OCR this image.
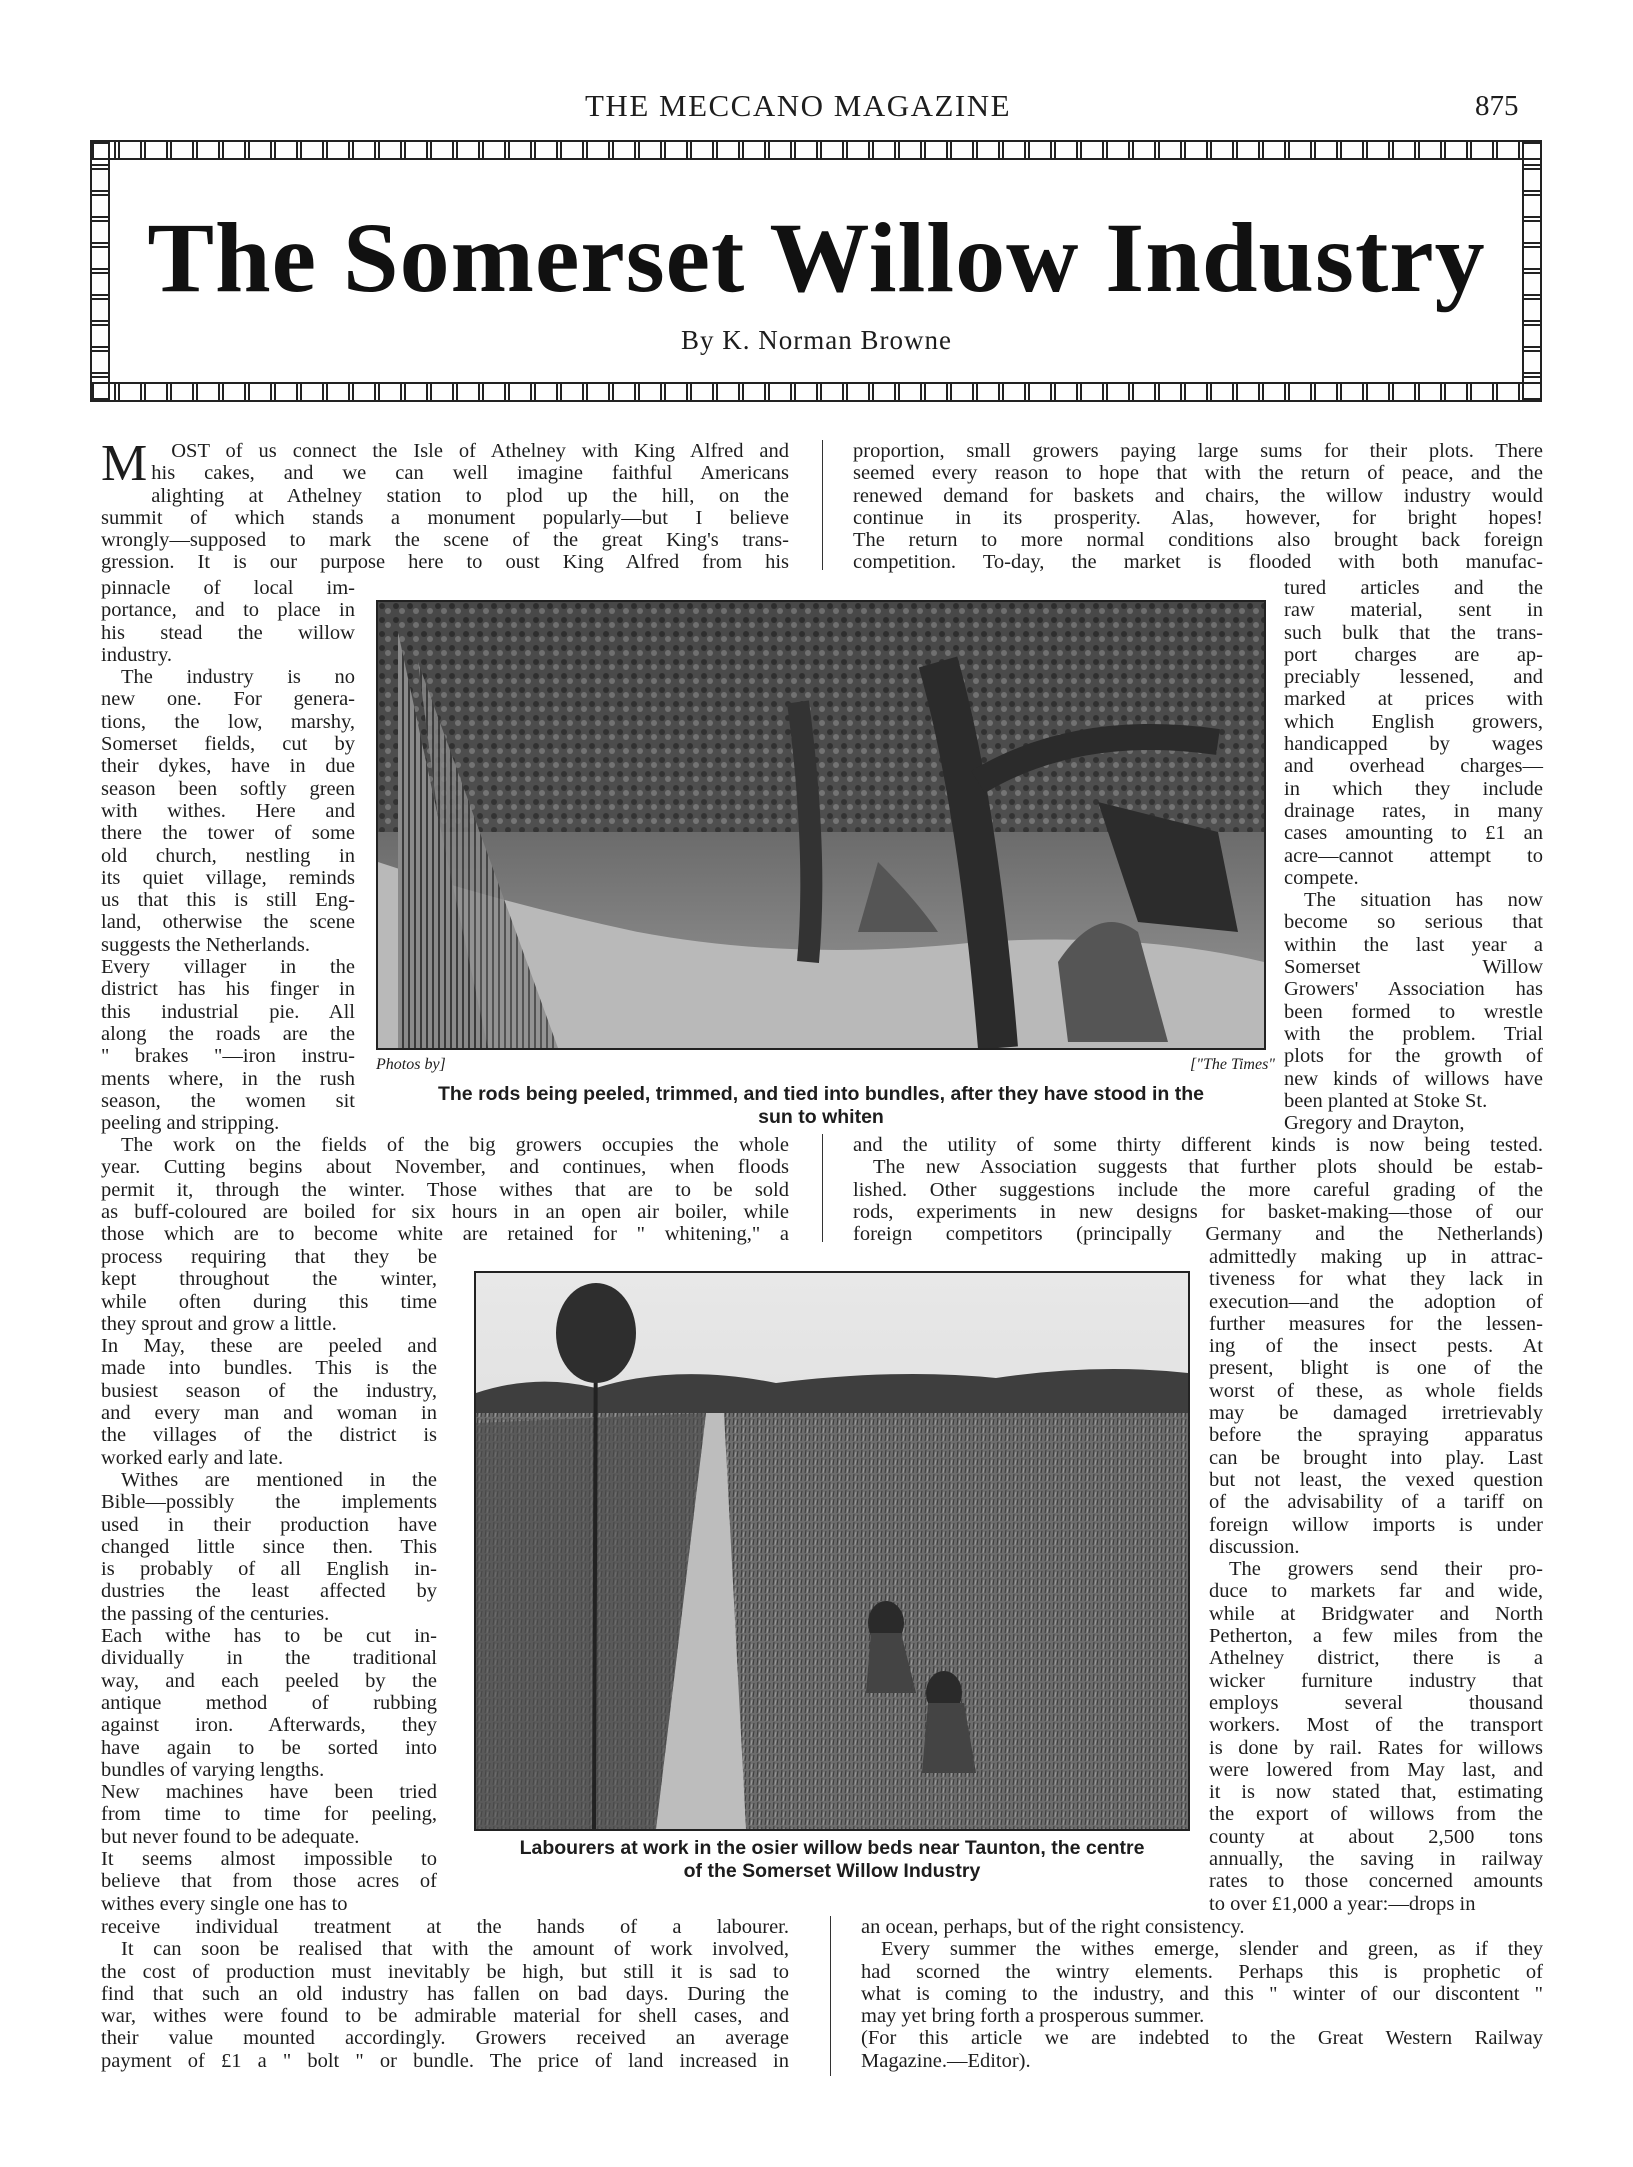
THE MECCANO MAGAZINE	875
The Somerset Willow Industry
By K. Norman Browne
M	OST of us connect the Isle of Athelney with King Alfred and
his cakes, and we can well imagine faithful Americans
alighting at Athelney station to plod up the hill, on the
summit of which stands a monument popularly—but I believe
wrongly—supposed to mark the scene of the great King's trans-
gression. It is our purpose here to oust King Alfred from his
pinnacle of local im-
portance, and to place in
his stead the willow
industry.
The industry is no
new one. For genera-
tions, the low, marshy,
Somerset fields, cut by
their dykes, have in due
season been softly green
with withes. Here and
there the tower of some
old church, nestling in
its quiet village, reminds
us that this is still Eng-
land, otherwise the scene
suggests the Netherlands.
Every villager in the
district has his finger in
this industrial pie. All
along the roads are the
" brakes "—iron instru-
ments where, in the rush
season, the women sit
peeling and stripping.
The work on the fields of the big growers occupies the whole
year. Cutting begins about November, and continues, when floods
permit it, through the winter. Those withes that are to be sold
as buff-coloured are boiled for six hours in an open air boiler, while
those which are to become white are retained for " whitening," a
process requiring that they be
kept throughout the winter,
while often during this time
they sprout and grow a little.
In May, these are peeled and
made into bundles. This is the
busiest season of the industry,
and every man and woman in
the villages of the district is
worked early and late.
Withes are mentioned in the
Bible—possibly the implements
used in their production have
changed little since then. This
is probably of all English in-
dustries the least affected by
the passing of the centuries.
Each withe has to be cut in-
dividually in the traditional
way, and each peeled by the
antique method of rubbing
against iron. Afterwards, they
have again to be sorted into
bundles of varying lengths.
New machines have been tried
from time to time for peeling,
but never found to be adequate.
It seems almost impossible to
believe that from those acres of
withes every single one has to
receive individual treatment at the hands of a labourer.
It can soon be realised that with the amount of work involved,
the cost of production must inevitably be high, but still it is sad to
find that such an old industry has fallen on bad days. During the
war, withes were found to be admirable material for shell cases, and
their value mounted accordingly. Growers received an average
payment of £1 a " bolt " or bundle. The price of land increased in
proportion, small growers paying large sums for their plots. There
seemed every reason to hope that with the return of peace, and the
renewed demand for baskets and chairs, the willow industry would
continue in its prosperity. Alas, however, for bright hopes!
The return to more normal conditions also brought back foreign
competition. To-day, the market is flooded with both manufac-
tured articles and the
raw material, sent in
such bulk that the trans-
port charges are ap-
preciably lessened, and
marked at prices with
which English growers,
handicapped by wages
and overhead charges—
in which they include
drainage rates, in many
cases amounting to £1 an
acre—cannot attempt to
compete.
The situation has now
become so serious that
within the last year a
Somerset Willow
Growers' Association has
been formed to wrestle
with the problem. Trial
plots for the growth of
new kinds of willows have
been planted at Stoke St.
Gregory and Drayton,
and the utility of some thirty different kinds is now being tested.
The new Association suggests that further plots should be estab-
lished. Other suggestions include the more careful grading of the
rods, experiments in new designs for basket-making—those of our
foreign competitors (principally Germany and the Netherlands)
admittedly making up in attrac-
tiveness for what they lack in
execution—and the adoption of
further measures for the lessen-
ing of the insect pests. At
present, blight is one of the
worst of these, as whole fields
may be damaged irretrievably
before the spraying apparatus
can be brought into play. Last
but not least, the vexed question
of the advisability of a tariff on
foreign willow imports is under
discussion.
The growers send their pro-
duce to markets far and wide,
while at Bridgwater and North
Petherton, a few miles from the
Athelney district, there is a
wicker furniture industry that
employs several thousand
workers. Most of the transport
is done by rail. Rates for willows
were lowered from May last, and
it is now stated that, estimating
the export of willows from the
county at about 2,500 tons
annually, the saving in railway
rates to those concerned amounts
to over £1,000 a year:—drops in
an ocean, perhaps, but of the right consistency.
Every summer the withes emerge, slender and green, as if they
had scorned the wintry elements. Perhaps this is prophetic of
what is coming to the industry, and this " winter of our discontent "
may yet bring forth a prosperous summer.
(For this article we are indebted to the Great Western Railway
Magazine.—Editor).
Photos by]	["The Times"
The rods being peeled, trimmed, and tied into bundles, after they have stood in the
sun to whiten
Labourers at work in the osier willow beds near Taunton, the centre
of the Somerset Willow Industry
